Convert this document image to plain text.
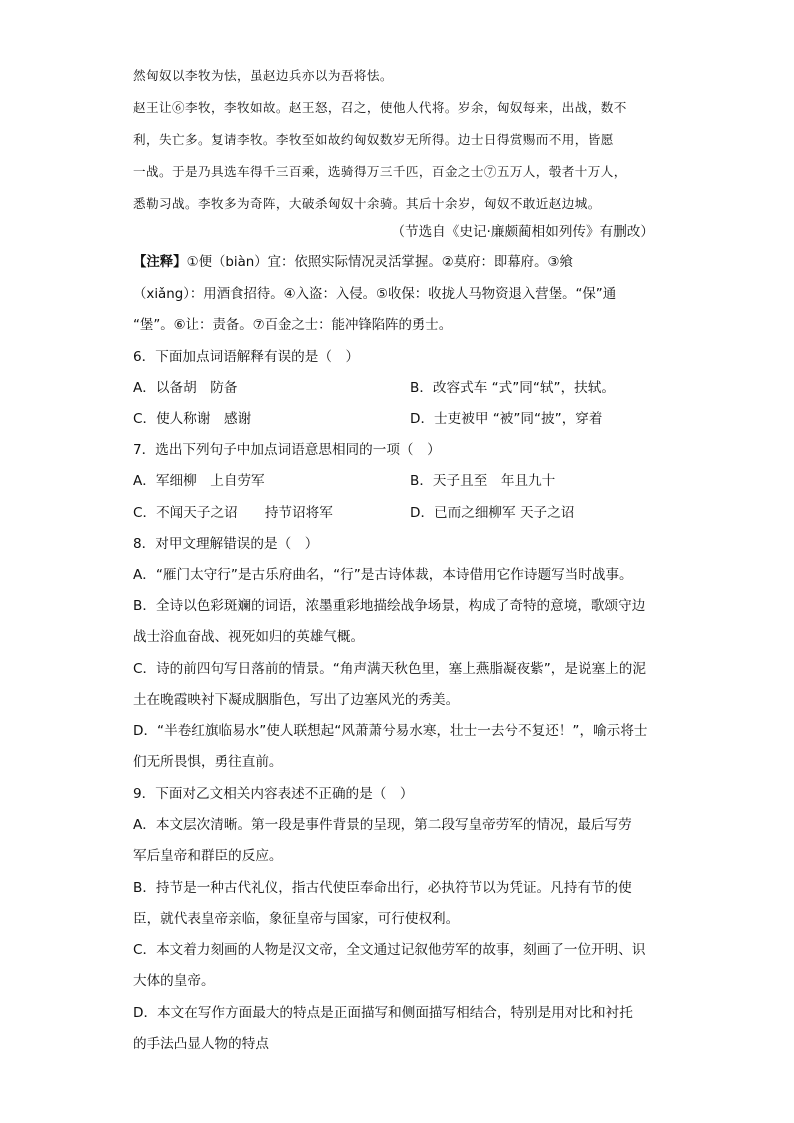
然匈奴以李牧为怯，虽赵边兵亦以为吾将怯。
赵王让⑥李牧，李牧如故。赵王怒，召之，使他人代将。岁余，匈奴每来，出战，数不
利，失亡多。复请李牧。李牧至如故约匈奴数岁无所得。边士日得赏赐而不用，皆愿
一战。于是乃具选车得千三百乘，选骑得万三千匹，百金之士⑦五万人，彀者十万人，
悉勒习战。李牧多为奇阵，大破杀匈奴十余骑。其后十余岁，匈奴不敢近赵边城。
（节选自《史记·廉颇蔺相如列传》有删改）
【注释】①便（biàn）宜：依照实际情况灵活掌握。②莫府：即幕府。③飨
（xiǎng）：用酒食招待。④入盗：入侵。⑤收保：收拢人马物资退入营堡。“保”通
“堡”。⑥让：责备。⑦百金之士：能冲锋陷阵的勇士。
6．下面加点词语解释有误的是（　）
A．以备胡　防备	B．改容式车 “式”同“轼”，扶轼。
C．使人称谢　感谢	D．士吏被甲 “被”同“披”，穿着
7．选出下列句子中加点词语意思相同的一项（　）
A．军细柳　上自劳军	B．天子且至　年且九十
C．不闻天子之诏　　持节诏将军	D．已而之细柳军 天子之诏
8．对甲文理解错误的是（　）
A．“雁门太守行”是古乐府曲名，“行”是古诗体裁，本诗借用它作诗题写当时战事。
B．全诗以色彩斑斓的词语，浓墨重彩地描绘战争场景，构成了奇特的意境，歌颂守边
战士浴血奋战、视死如归的英雄气概。
C．诗的前四句写日落前的情景。“角声满天秋色里，塞上燕脂凝夜紫”，是说塞上的泥
土在晚霞映衬下凝成胭脂色，写出了边塞风光的秀美。
D．“半卷红旗临易水”使人联想起“风萧萧兮易水寒，壮士一去兮不复还！”，喻示将士
们无所畏惧，勇往直前。
9．下面对乙文相关内容表述不正确的是（　）
A．本文层次清晰。第一段是事件背景的呈现，第二段写皇帝劳军的情况，最后写劳
军后皇帝和群臣的反应。
B．持节是一种古代礼仪，指古代使臣奉命出行，必执符节以为凭证。凡持有节的使
臣，就代表皇帝亲临，象征皇帝与国家，可行使权利。
C．本文着力刻画的人物是汉文帝，全文通过记叙他劳军的故事，刻画了一位开明、识
大体的皇帝。
D．本文在写作方面最大的特点是正面描写和侧面描写相结合，特别是用对比和衬托
的手法凸显人物的特点
